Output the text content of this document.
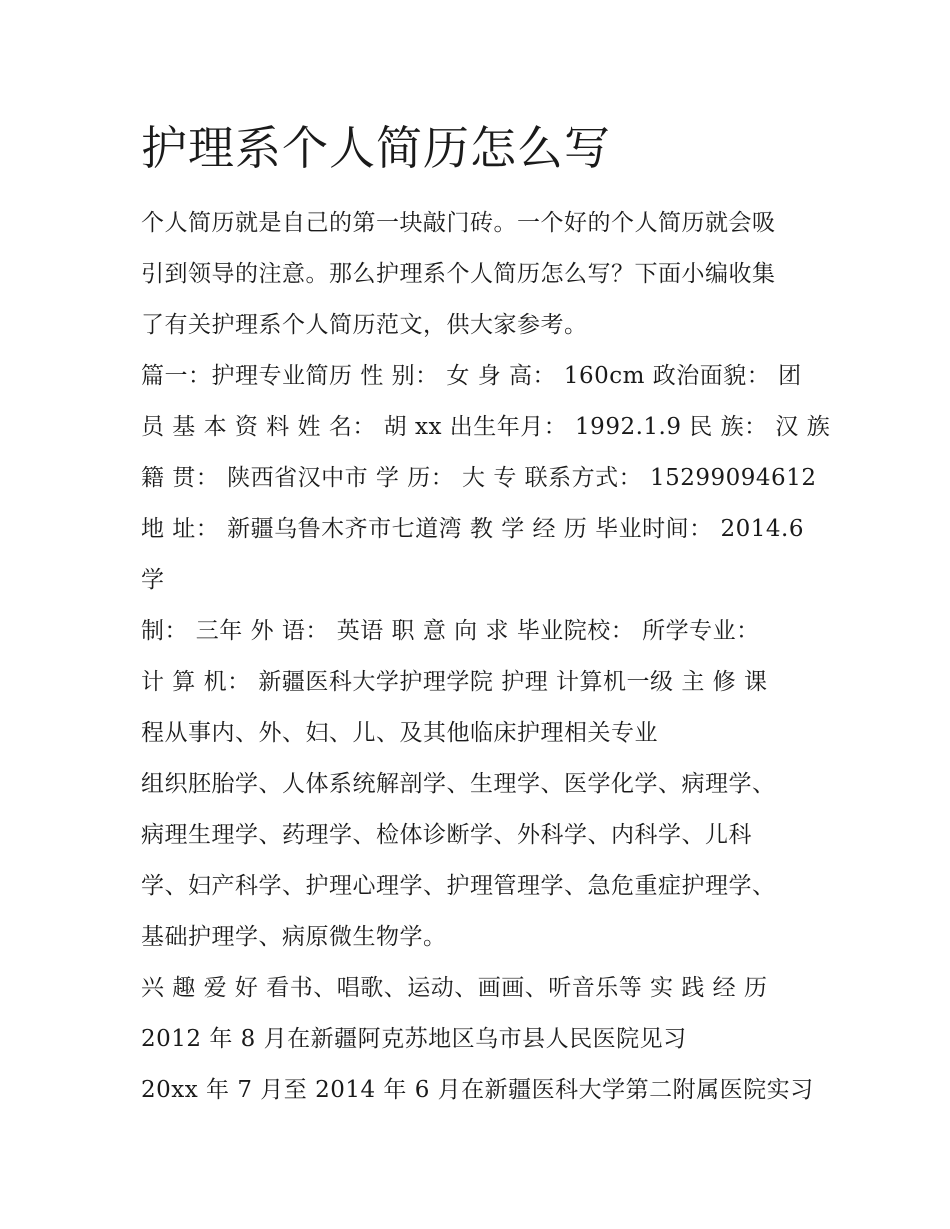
护理系个人简历怎么写
个人简历就是自己的第一块敲门砖。一个好的个人简历就会吸
引到领导的注意。那么护理系个人简历怎么写？下面小编收集
了有关护理系个人简历范文，供大家参考。
篇一：护理专业简历 性 别： 女 身 高： 160cm 政治面貌： 团
员 基 本 资 料 姓 名： 胡 xx 出生年月： 1992.1.9 民 族： 汉 族
籍 贯： 陕西省汉中市 学 历： 大 专 联系方式： 15299094612
地 址： 新疆乌鲁木齐市七道湾 教 学 经 历 毕业时间： 2014.6
学
制： 三年 外 语： 英语 职 意 向 求 毕业院校： 所学专业：
计 算 机： 新疆医科大学护理学院 护理 计算机一级 主 修 课
程从事内、外、妇、儿、及其他临床护理相关专业
组织胚胎学、人体系统解剖学、生理学、医学化学、病理学、
病理生理学、药理学、检体诊断学、外科学、内科学、儿科
学、妇产科学、护理心理学、护理管理学、急危重症护理学、
基础护理学、病原微生物学。
兴 趣 爱 好 看书、唱歌、运动、画画、听音乐等 实 践 经 历
2012 年 8 月在新疆阿克苏地区乌市县人民医院见习
20xx 年 7 月至 2014 年 6 月在新疆医科大学第二附属医院实习
